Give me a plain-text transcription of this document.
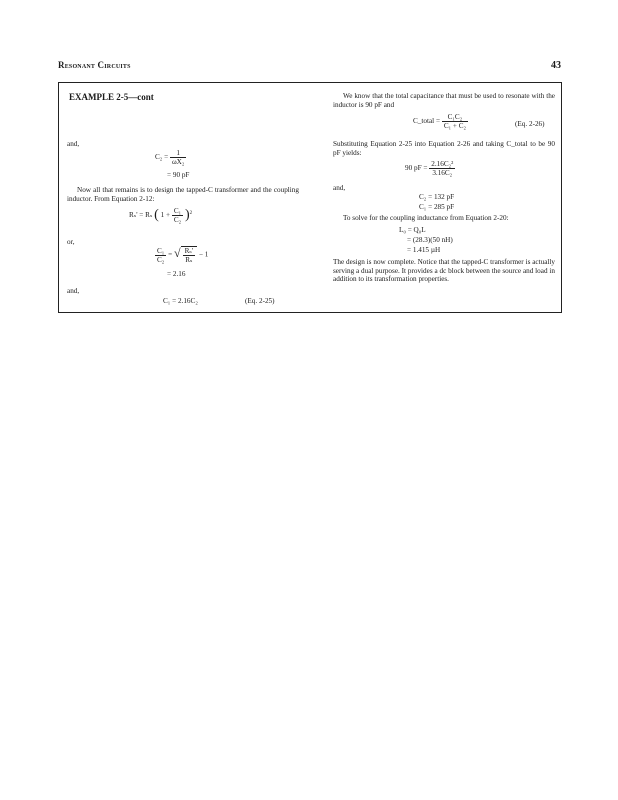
Resonant Circuits	43
EXAMPLE 2-5—cont
and,
$C_2 = \frac{1}{\text{ωX₂}}$
= 90 pF
Now all that remains is to design the tapped-C transformer and the coupling inductor. From Equation 2-12:
Rₛ' = Rₛ ( $1 + \frac{\text{C₁}}{\text{C₂}} )^2$
or,
$\frac{\text{C₁}}{\text{C₂}}$ = √ $\frac{\text{Rₛ'}}{\text{Rₛ}} - 1$
= 2.16
and,
C₁ = 2.16C₂	(Eq. 2-25)
We know that the total capacitance that must be used to resonate with the inductor is 90 pF and
C_total = $\frac{\text{C₁C₂}}{\text{C₁ + C₂}}$	(Eq. 2-26)
Substituting Equation 2-25 into Equation 2-26 and taking C_total to be 90 pF yields:
90 pF = $\frac{\text{2.16C₂²}}{\text{3.16C₂}}$
and,
C₂ = 132 pF
C₁ = 285 pF
To solve for the coupling inductance from Equation 2-20:
L₀ = Q₀L
= (28.3)(50 nH)
= 1.415 µH
The design is now complete. Notice that the tapped-C transformer is actually serving a dual purpose. It provides a dc block between the source and load in addition to its transformation properties.
